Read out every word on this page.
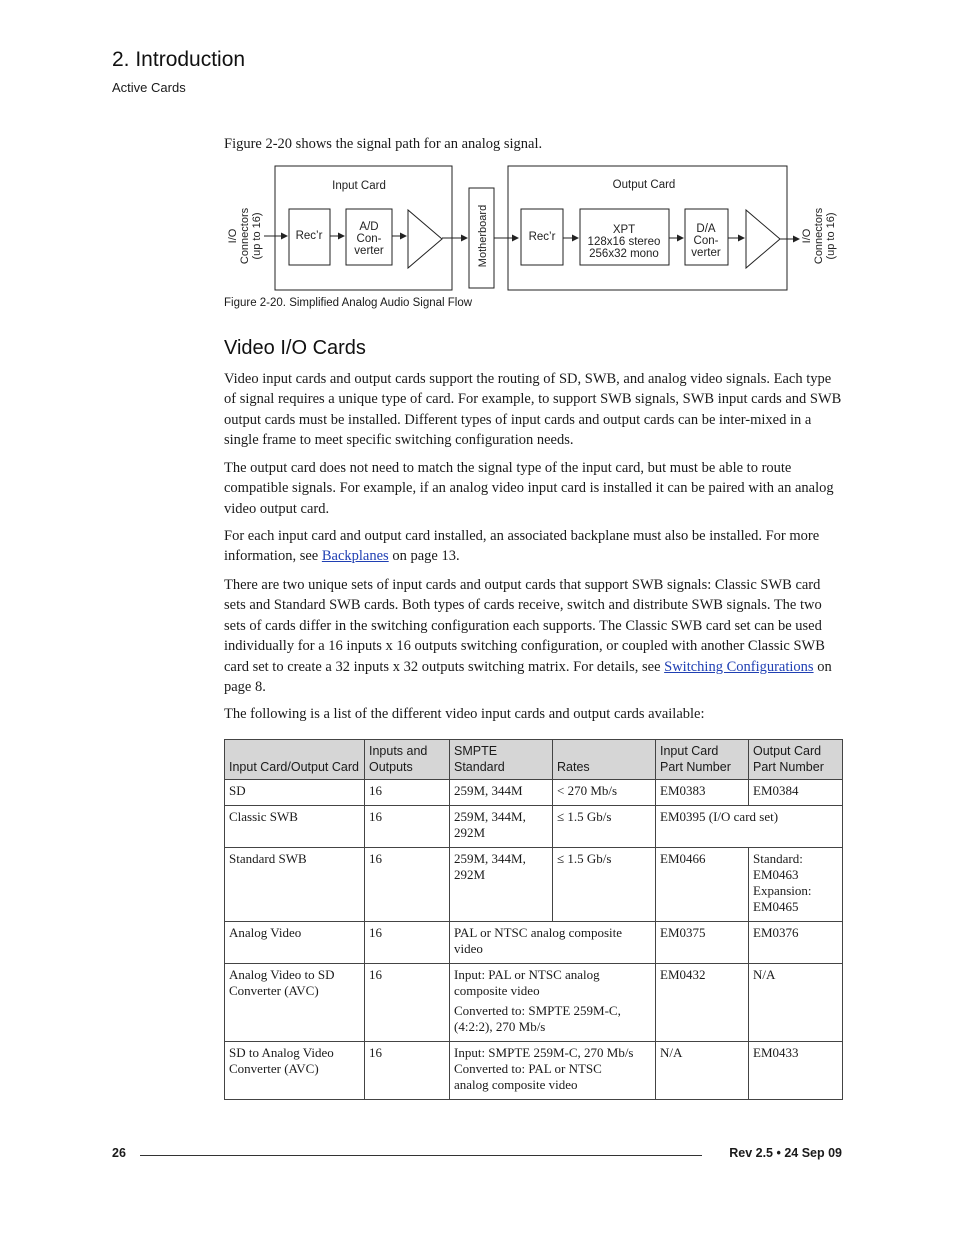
2. Introduction
Active Cards
Figure 2-20 shows the signal path for an analog signal.
I/O Connectors (up to 16)
Input Card
Rec’r
A/D
Con-
verter	Motherboard
Output Card
Rec’r
XPT
128x16 stereo
256x32 mono
D/A
Con-
verter
I/O Connectors (up to 16)
Figure 2-20. Simplified Analog Audio Signal Flow
Video I/O Cards

Video input cards and output cards support the routing of SD, SWB, and analog video signals. Each type of signal requires a unique type of card. For example, to support SWB signals, SWB input cards and SWB output cards must be installed. Different types of input cards and output cards can be inter-mixed in a single frame to meet specific switching configuration needs.

The output card does not need to match the signal type of the input card, but must be able to route compatible signals. For example, if an analog video input card is installed it can be paired with an analog video output card.

For each input card and output card installed, an associated backplane must also be installed. For more information, see Backplanes on page 13.

There are two unique sets of input cards and output cards that support SWB signals: Classic SWB card sets and Standard SWB cards. Both types of cards receive, switch and distribute SWB signals. The two sets of cards differ in the switching configuration each supports. The Classic SWB card set can be used individually for a 16 inputs x 16 outputs switching configuration, or coupled with another Classic SWB card set to create a 32 inputs x 32 outputs switching matrix. For details, see Switching Configurations on page 8.

The following is a list of the different video input cards and output cards available:

Input Card/Output Card	Inputs and Outputs	SMPTE Standard	Rates	Input Card Part Number	Output Card Part Number
SD	16	259M, 344M	< 270 Mb/s	EM0383	EM0384
Classic SWB	16	259M, 344M, 292M	≤ 1.5 Gb/s	EM0395 (I/O card set)	
Standard SWB	16	259M, 344M, 292M	≤ 1.5 Gb/s	EM0466	Standard:
EM0463
Expansion:
EM0465

Analog Video	16	PAL or NTSC analog composite video		EM0375	EM0376
Analog Video to SD Converter (AVC)	16	Input: PAL or NTSC analog composite video
Converted to: SMPTE 259M-C, (4:2:2), 270 Mb/s		EM0432	N/A
SD to Analog Video Converter (AVC)	16	Input: SMPTE 259M-C, 270 Mb/s
Converted to: PAL or NTSC analog composite video		N/A	EM0433
26	Rev 2.5 • 24 Sep 09
